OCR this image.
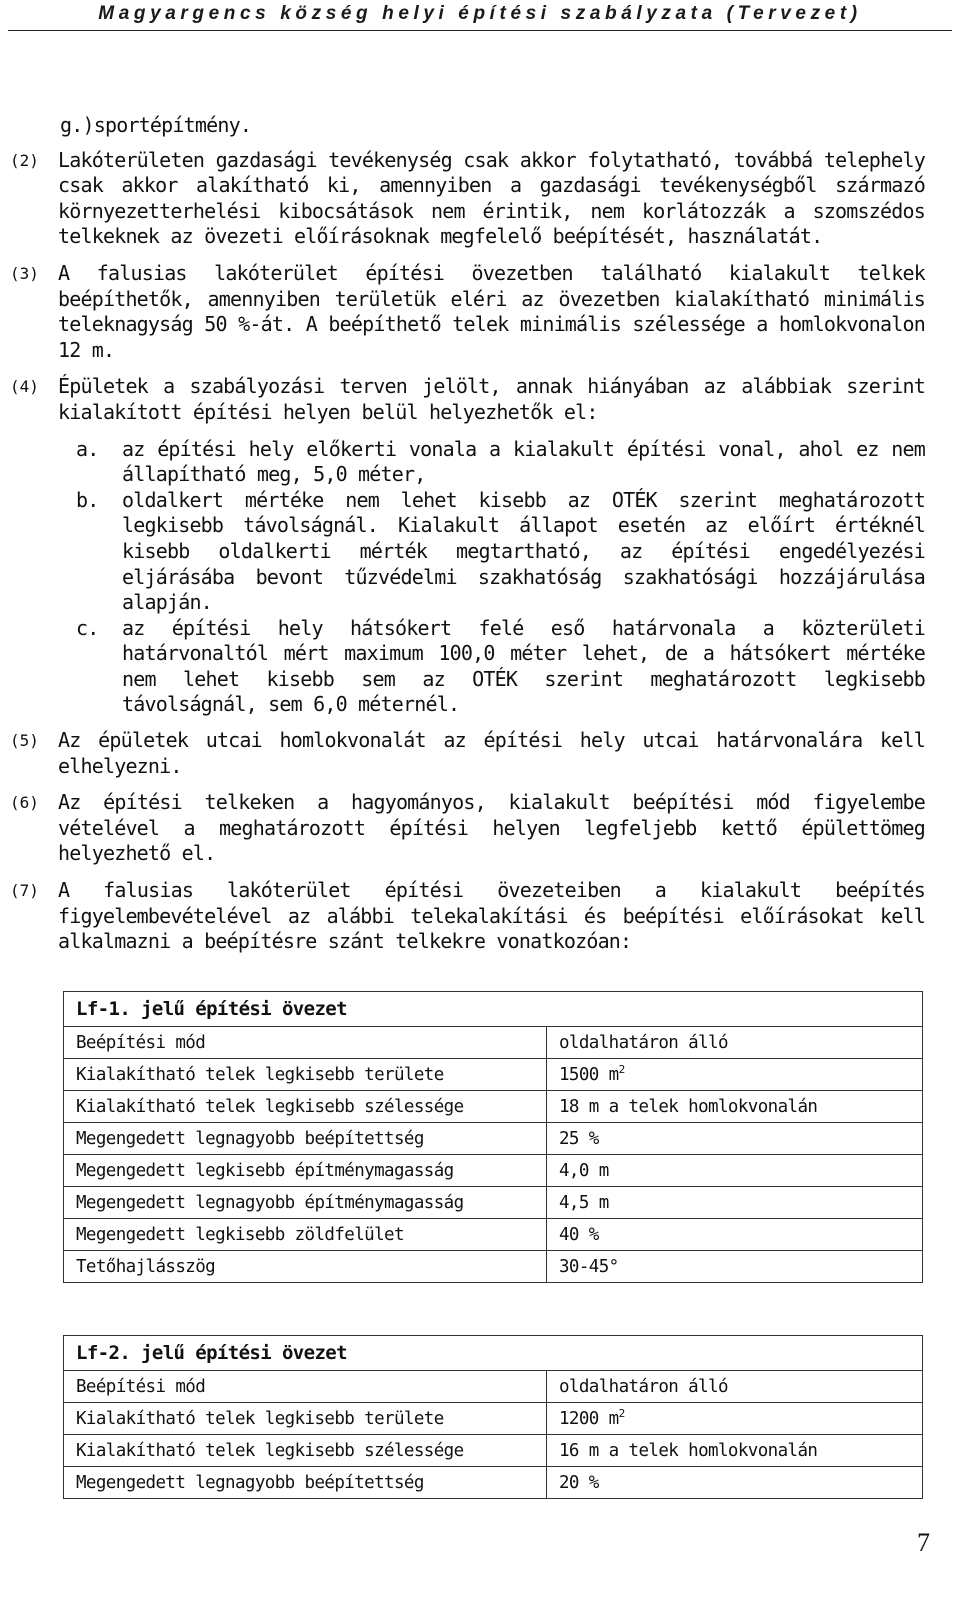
Magyargencs község helyi építési szabályzata (Tervezet)
g.)sportépítmény.
(2) Lakóterületen gazdasági tevékenység csak akkor folytatható, továbbá telephely csak akkor alakítható ki, amennyiben a gazdasági tevékenységből származó környezetterhelési kibocsátások nem érintik, nem korlátozzák a szomszédos telkeknek az övezeti előírásoknak megfelelő beépítését, használatát.
(3) A falusias lakóterület építési övezetben található kialakult telkek beépíthetők, amennyiben területük eléri az övezetben kialakítható minimális teleknagyság 50 %-át. A beépíthető telek minimális szélessége a homlokvonalon 12 m.
(4) Épületek a szabályozási terven jelölt, annak hiányában az alábbiak szerint kialakított építési helyen belül helyezhetők el:
a.	az építési hely előkerti vonala a kialakult építési vonal, ahol ez nem állapítható meg, 5,0 méter,
b.	oldalkert mértéke nem lehet kisebb az OTÉK szerint meghatározott legkisebb távolságnál. Kialakult állapot esetén az előírt értéknél kisebb oldalkerti mérték megtartható, az építési engedélyezési eljárásába bevont tűzvédelmi szakhatóság szakhatósági hozzájárulása alapján.
c.	az építési hely hátsókert felé eső határvonala a közterületi határvonaltól mért maximum 100,0 méter lehet, de a hátsókert mértéke nem lehet kisebb sem az OTÉK szerint meghatározott legkisebb távolságnál, sem 6,0 méternél.
(5) Az épületek utcai homlokvonalát az építési hely utcai határvonalára kell elhelyezni.
(6) Az építési telkeken a hagyományos, kialakult beépítési mód figyelembe vételével a meghatározott építési helyen legfeljebb kettő épülettömeg helyezhető el.
(7) A falusias lakóterület építési övezeteiben a kialakult beépítés figyelembevételével az alábbi telekalakítási és beépítési előírásokat kell alkalmazni a beépítésre szánt telkekre vonatkozóan:
Lf-1. jelű építési övezet	
Beépítési mód	oldalhatáron álló
Kialakítható telek legkisebb területe	1500 $m^2$
Kialakítható telek legkisebb szélessége	18 m a telek homlokvonalán
Megengedett legnagyobb beépítettség	25 %
Megengedett legkisebb építménymagasság	4,0 m
Megengedett legnagyobb építménymagasság	4,5 m
Megengedett legkisebb zöldfelület	40 %
Tetőhajlásszög	30-45°
Lf-2. jelű építési övezet	
Beépítési mód	oldalhatáron álló
Kialakítható telek legkisebb területe	1200 $m^2$
Kialakítható telek legkisebb szélessége	16 m a telek homlokvonalán
Megengedett legnagyobb beépítettség	20 %
7
